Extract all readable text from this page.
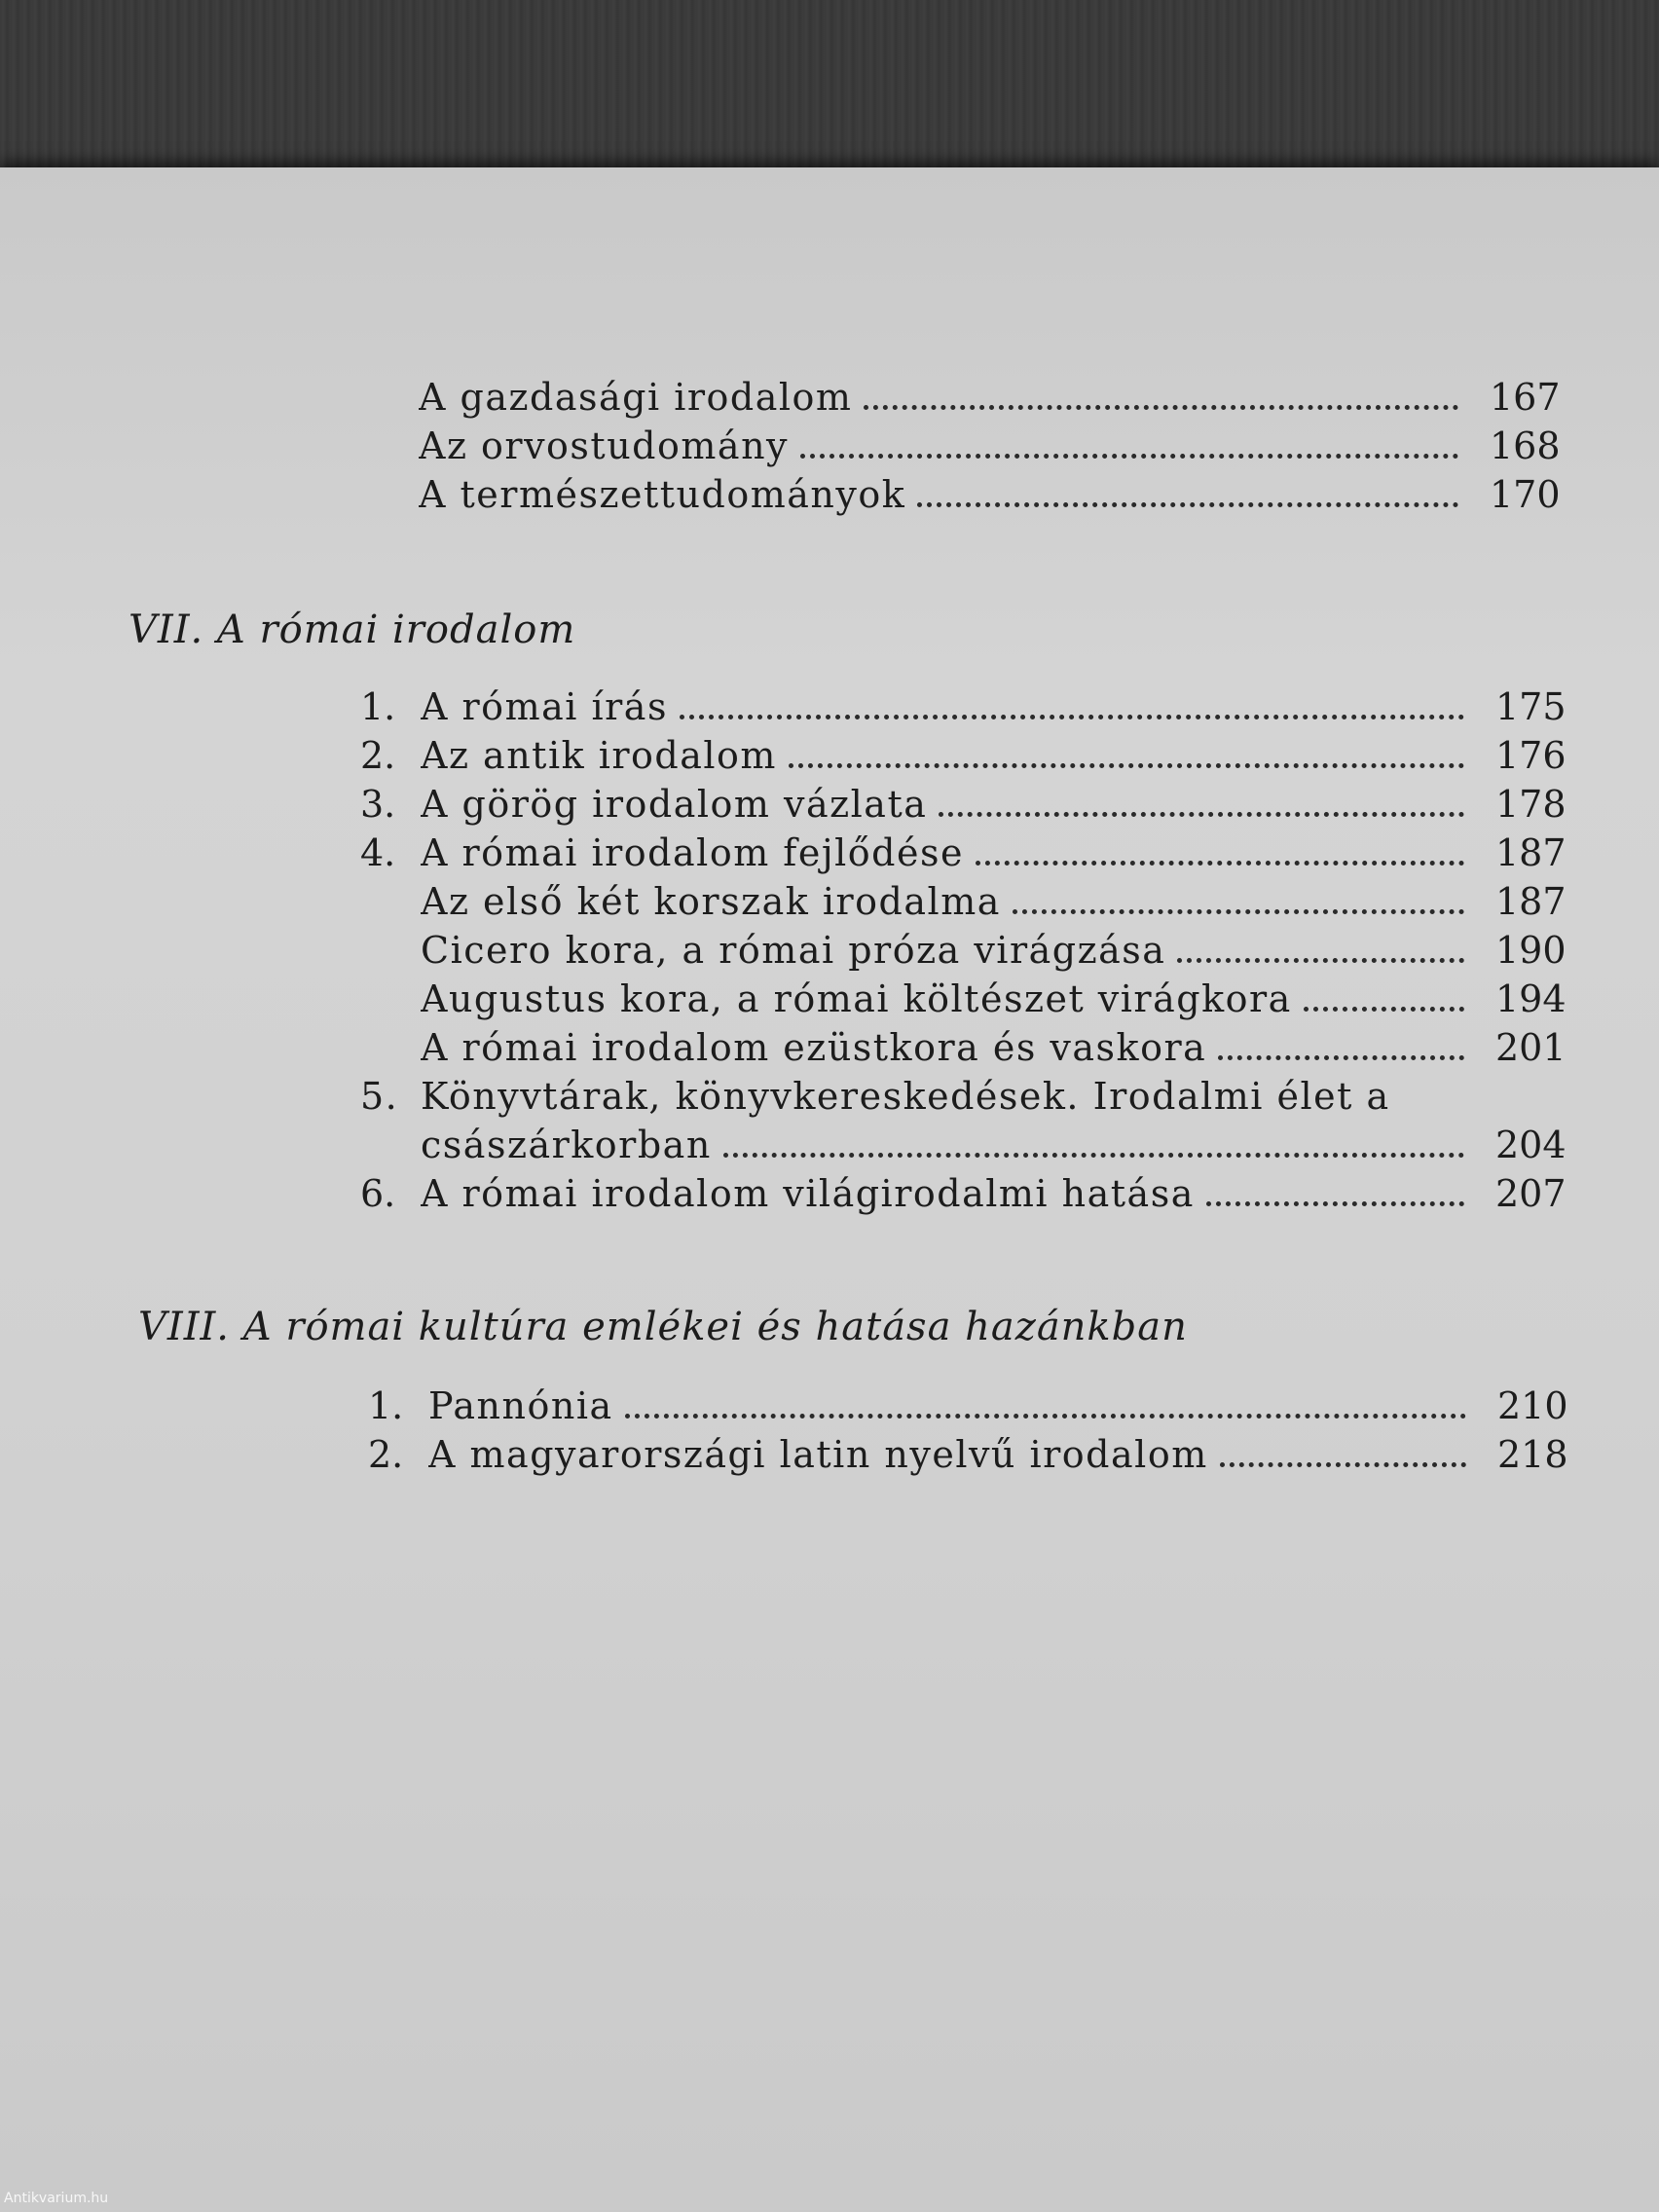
A gazdasági irodalom	167
Az orvostudomány	168
A természettudományok	170
VII. A római irodalom
1. A római írás	175
2. Az antik irodalom	176
3. A görög irodalom vázlata	178
4. A római irodalom fejlődése	187
Az első két korszak irodalma	187
Cicero kora, a római próza virágzása	190
Augustus kora, a római költészet virágkora	194
A római irodalom ezüstkora és vaskora	201
5. Könyvtárak, könyvkereskedések. Irodalmi élet a
császárkorban	204
6. A római irodalom világirodalmi hatása	207
VIII. A római kultúra emlékei és hatása hazánkban
1. Pannónia	210
2. A magyarországi latin nyelvű irodalom	218
Antikvarium.hu
